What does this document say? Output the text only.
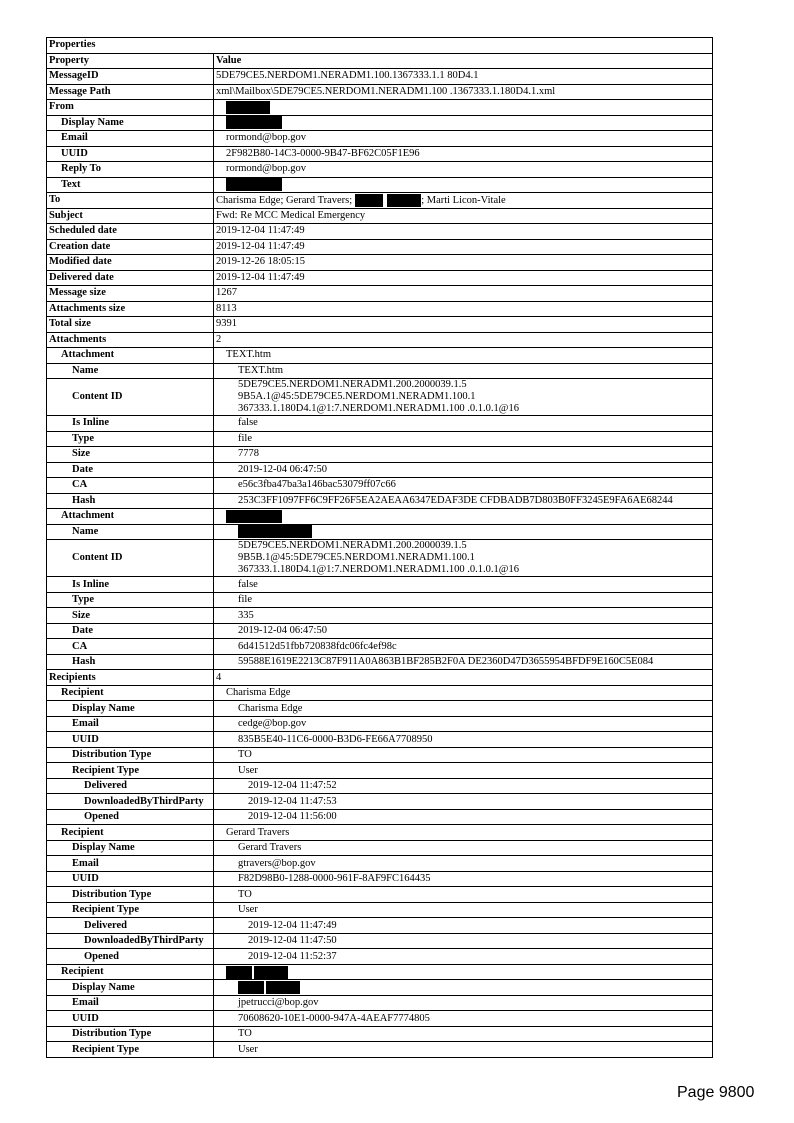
Properties	
Property	Value
MessageID	5DE79CE5.NERDOM1.NERADM1.100.1367333.1.1 80D4.1
Message Path	xml\Mailbox\5DE79CE5.NERDOM1.NERADM1.100 .1367333.1.180D4.1.xml
From	
Display Name	
Email	rormond@bop.gov
UUID	2F982B80-14C3-0000-9B47-BF62C05F1E96
Reply To	rormond@bop.gov
Text	
To	Charisma Edge; Gerard Travers; ; Marti Licon-Vitale
Subject	Fwd: Re MCC Medical Emergency
Scheduled date	2019-12-04 11:47:49
Creation date	2019-12-04 11:47:49
Modified date	2019-12-26 18:05:15
Delivered date	2019-12-04 11:47:49
Message size	1267
Attachments size	8113
Total size	9391
Attachments	2
Attachment	TEXT.htm
Name	TEXT.htm
Content ID	5DE79CE5.NERDOM1.NERADM1.200.2000039.1.5
9B5A.1@45:5DE79CE5.NERDOM1.NERADM1.100.1
367333.1.180D4.1@1:7.NERDOM1.NERADM1.100 .0.1.0.1@16

Is Inline	false
Type	file
Size	7778
Date	2019-12-04 06:47:50
CA	e56c3fba47ba3a146bac53079ff07c66
Hash	253C3FF1097FF6C9FF26F5EA2AEAA6347EDAF3DE CFDBADB7D803B0FF3245E9FA6AE68244
Attachment	
Name	
Content ID	5DE79CE5.NERDOM1.NERADM1.200.2000039.1.5
9B5B.1@45:5DE79CE5.NERDOM1.NERADM1.100.1
367333.1.180D4.1@1:7.NERDOM1.NERADM1.100 .0.1.0.1@16

Is Inline	false
Type	file
Size	335
Date	2019-12-04 06:47:50
CA	6d41512d51fbb720838fdc06fc4ef98c
Hash	59588E1619E2213C87F911A0A863B1BF285B2F0A DE2360D47D3655954BFDF9E160C5E084
Recipients	4
Recipient	Charisma Edge
Display Name	Charisma Edge
Email	cedge@bop.gov
UUID	835B5E40-11C6-0000-B3D6-FE66A7708950
Distribution Type	TO
Recipient Type	User
Delivered	2019-12-04 11:47:52
DownloadedByThirdParty	2019-12-04 11:47:53
Opened	2019-12-04 11:56:00
Recipient	Gerard Travers
Display Name	Gerard Travers
Email	gtravers@bop.gov
UUID	F82D98B0-1288-0000-961F-8AF9FC164435
Distribution Type	TO
Recipient Type	User
Delivered	2019-12-04 11:47:49
DownloadedByThirdParty	2019-12-04 11:47:50
Opened	2019-12-04 11:52:37
Recipient	
Display Name	
Email	jpetrucci@bop.gov
UUID	70608620-10E1-0000-947A-4AEAF7774805
Distribution Type	TO
Recipient Type	User
Page 9800
